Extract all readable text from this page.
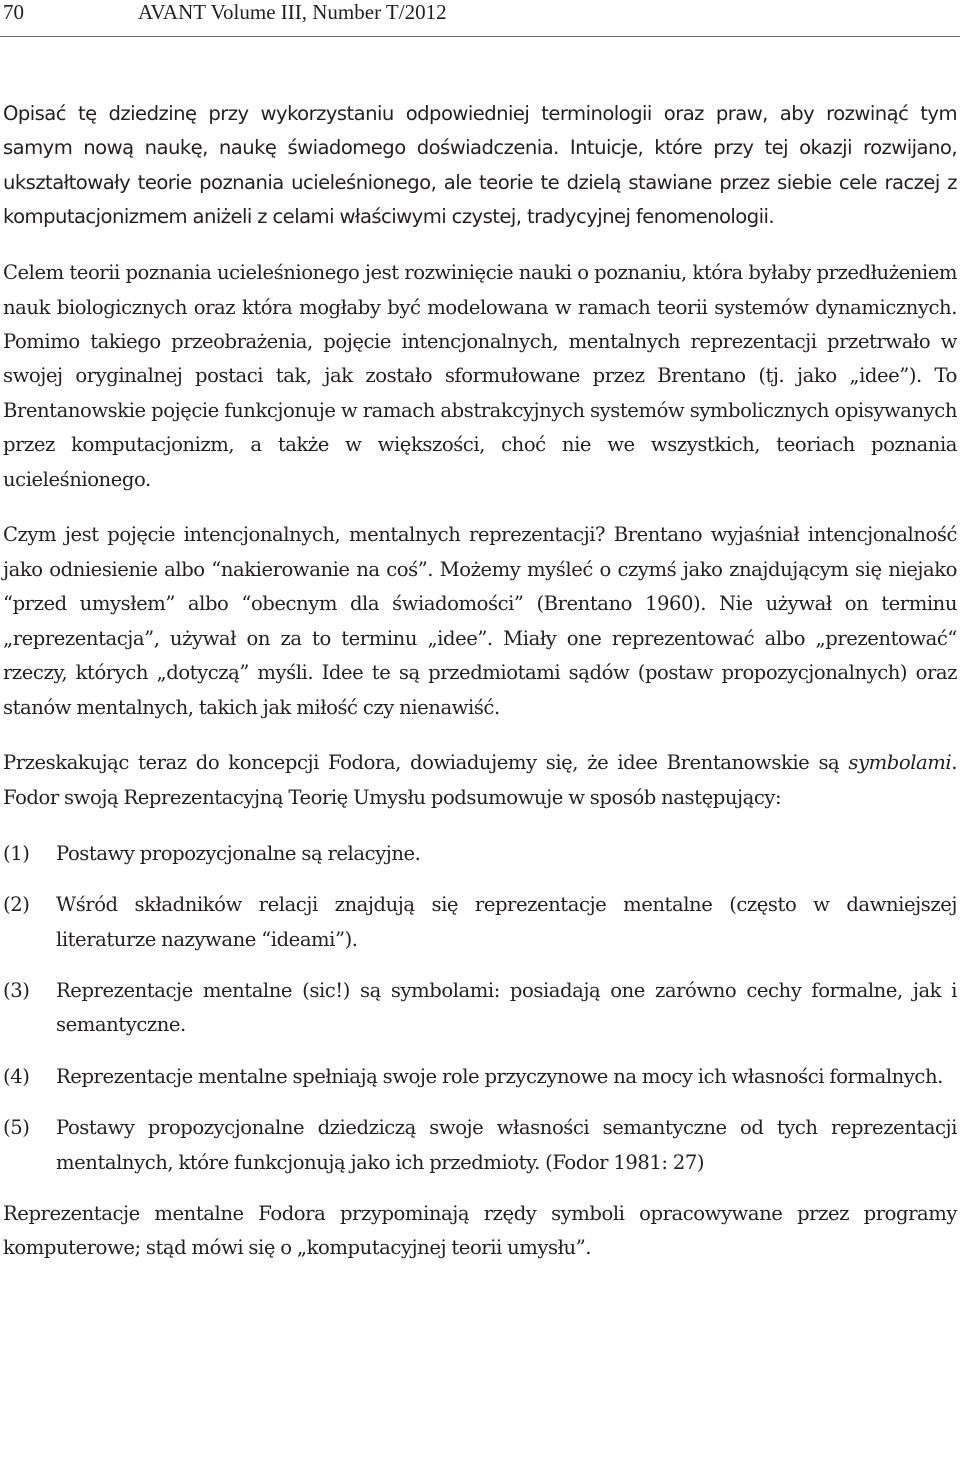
70	AVANT Volume III, Number T/2012

Opisać tę dziedzinę przy wykorzystaniu odpowiedniej terminologii oraz praw, aby rozwinąć tym samym nową naukę, naukę świadomego doświadczenia. Intuicje, które przy tej okazji rozwijano, ukształtowały teorie poznania ucieleśnionego, ale teorie te dzielą stawiane przez siebie cele raczej z komputacjonizmem aniżeli z celami właściwymi czystej, tradycyjnej fenomenologii.

Celem teorii poznania ucieleśnionego jest rozwinięcie nauki o poznaniu, która byłaby przedłużeniem nauk biologicznych oraz która mogłaby być modelowana w ramach teorii systemów dynamicznych. Pomimo takiego przeobrażenia, pojęcie intencjonalnych, mentalnych reprezentacji przetrwało w swojej oryginalnej postaci tak, jak zostało sformułowane przez Brentano (tj. jako „idee”). To Brentanowskie pojęcie funkcjonuje w ramach abstrakcyjnych systemów symbolicznych opisywanych przez komputacjonizm, a także w większości, choć nie we wszystkich, teoriach poznania ucieleśnionego.

Czym jest pojęcie intencjonalnych, mentalnych reprezentacji? Brentano wyjaśniał intencjonalność jako odniesienie albo “nakierowanie na coś”. Możemy myśleć o czymś jako znajdującym się niejako “przed umysłem” albo “obecnym dla świadomości” (Brentano 1960). Nie używał on terminu „reprezentacja”, używał on za to terminu „idee”. Miały one reprezentować albo „prezentować“ rzeczy, których „dotyczą” myśli. Idee te są przedmiotami sądów (postaw propozycjonalnych) oraz stanów mentalnych, takich jak miłość czy nienawiść.

Przeskakując teraz do koncepcji Fodora, dowiadujemy się, że idee Brentanowskie są symbolami. Fodor swoją Reprezentacyjną Teorię Umysłu podsumowuje w sposób następujący:

(1) Postawy propozycjonalne są relacyjne.
(2) Wśród składników relacji znajdują się reprezentacje mentalne (często w dawniejszej literaturze nazywane “ideami”).
(3) Reprezentacje mentalne (sic!) są symbolami: posiadają one zarówno cechy formalne, jak i semantyczne.
(4) Reprezentacje mentalne spełniają swoje role przyczynowe na mocy ich własności formalnych.
(5) Postawy propozycjonalne dziedziczą swoje własności semantyczne od tych reprezentacji mentalnych, które funkcjonują jako ich przedmioty. (Fodor 1981: 27)

Reprezentacje mentalne Fodora przypominają rzędy symboli opracowywane przez programy komputerowe; stąd mówi się o „komputacyjnej teorii umysłu”.
